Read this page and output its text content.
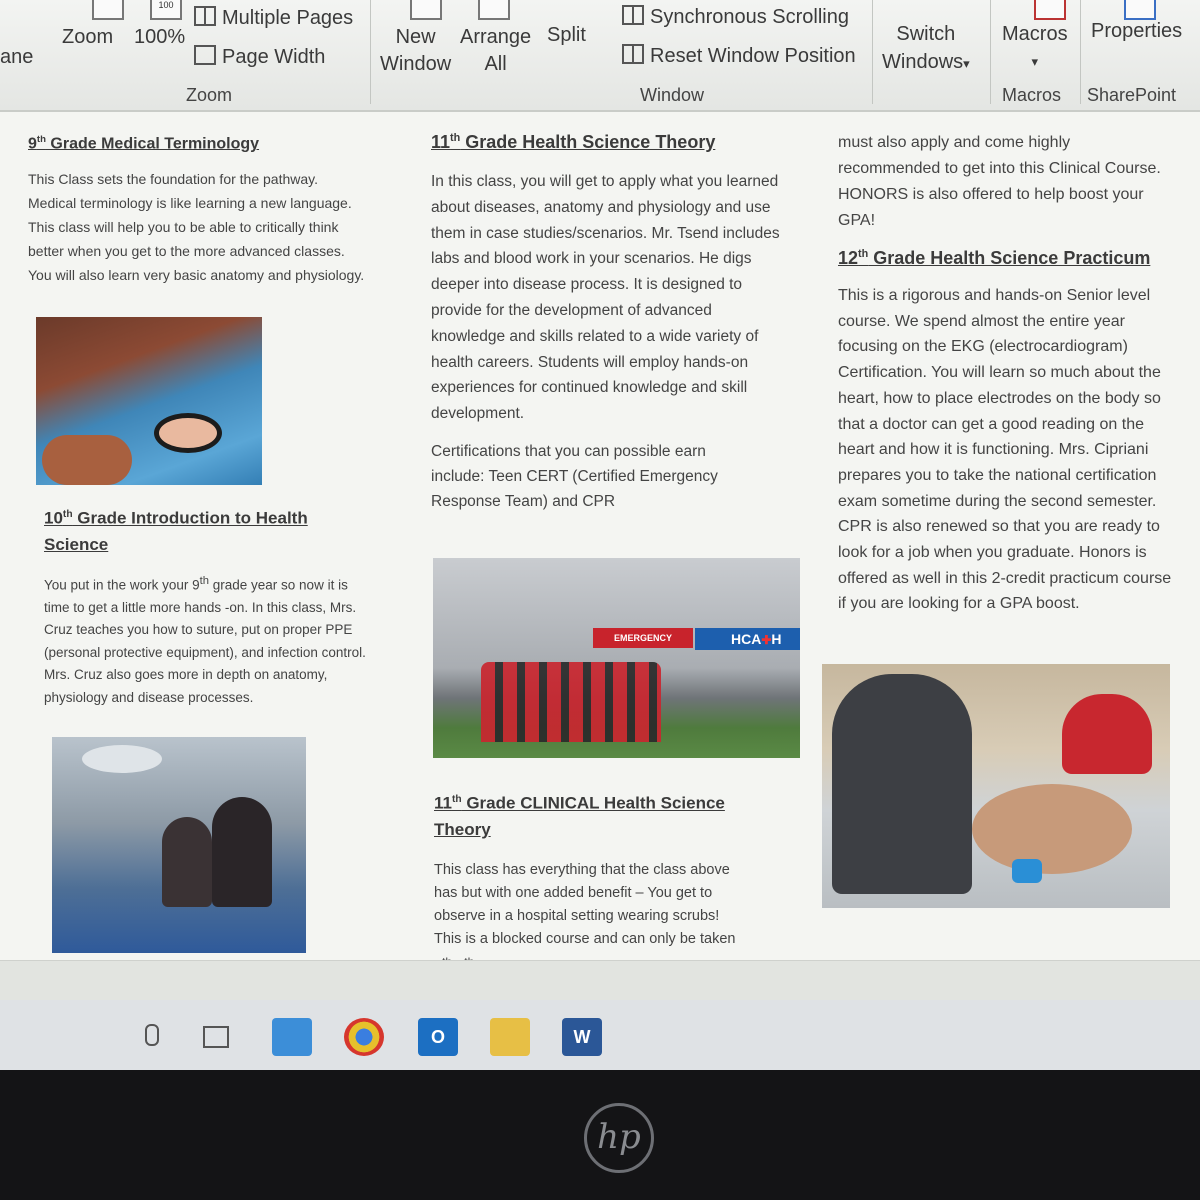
ane
Zoom
100
100%
Multiple Pages
Page Width
Zoom
New
Window
Arrange
All
Split
Synchronous Scrolling
Reset Window Position
Window
Switch
Windows▾
Macros
▾
Macros
Properties
SharePoint
9th Grade Medical Terminology

This Class sets the foundation for the pathway. Medical terminology is like learning a new language. This class will help you to be able to critically think better when you get to the more advanced classes. You will also learn very basic anatomy and physiology.

10th Grade Introduction to Health Science

You put in the work your 9th grade year so now it is time to get a little more hands -on. In this class, Mrs. Cruz teaches you how to suture, put on proper PPE (personal protective equipment), and infection control. Mrs. Cruz also goes more in depth on anatomy, physiology and disease processes.

11th Grade Health Science Theory

In this class, you will get to apply what you learned about diseases, anatomy and physiology and use them in case studies/scenarios. Mr. Tsend includes labs and blood work in your scenarios. He digs deeper into disease process. It is designed to provide for the development of advanced knowledge and skills related to a wide variety of health careers. Students will employ hands-on experiences for continued knowledge and skill development.

Certifications that you can possible earn include: Teen CERT (Certified Emergency Response Team) and CPR

EMERGENCY	HCA✚H
11th Grade CLINICAL Health Science Theory

This class has everything that the class above has but with one added benefit – You get to observe in a hospital setting wearing scrubs! This is a blocked course and can only be taken

must also apply and come highly recommended to get into this Clinical Course. HONORS is also offered to help boost your GPA!

12th Grade Health Science Practicum

This is a rigorous and hands-on Senior level course. We spend almost the entire year focusing on the EKG (electrocardiogram) Certification. You will learn so much about the heart, how to place electrodes on the body so that a doctor can get a good reading on the heart and how it is functioning. Mrs. Cipriani prepares you to take the national certification exam sometime during the second semester. CPR is also renewed so that you are ready to look for a job when you graduate. Honors is offered as well in this 2-credit practicum course if you are looking for a GPA boost.

O	W
hp
